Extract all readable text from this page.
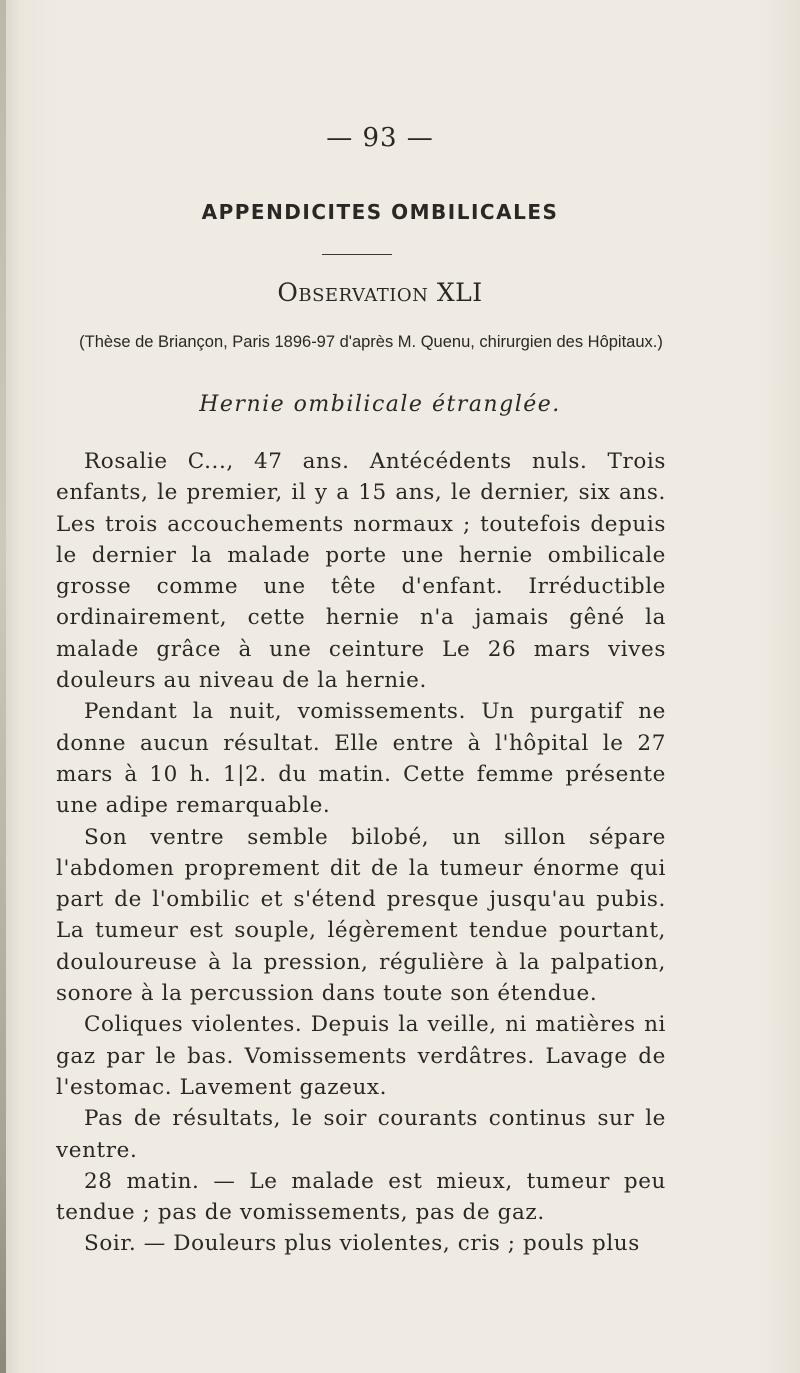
— 93 —
APPENDICITES OMBILICALES
Observation XLI
(Thèse de Briançon, Paris 1896-97 d'après M. Quenu, chirurgien des Hôpitaux.)
Hernie ombilicale étranglée.

Rosalie C..., 47 ans. Antécédents nuls. Trois enfants, le premier, il y a 15 ans, le dernier, six ans. Les trois accouchements normaux ; toutefois depuis le dernier la malade porte une hernie ombilicale grosse comme une tête d'enfant. Irréductible ordinairement, cette hernie n'a jamais gêné la malade grâce à une ceinture Le 26 mars vives douleurs au niveau de la hernie.

Pendant la nuit, vomissements. Un purgatif ne donne aucun résultat. Elle entre à l'hôpital le 27 mars à 10 h. 1|2. du matin. Cette femme présente une adipe remarquable.

Son ventre semble bilobé, un sillon sépare l'abdomen proprement dit de la tumeur énorme qui part de l'ombilic et s'étend presque jusqu'au pubis. La tumeur est souple, légèrement tendue pourtant, douloureuse à la pression, régulière à la palpation, sonore à la percussion dans toute son étendue.

Coliques violentes. Depuis la veille, ni matières ni gaz par le bas. Vomissements verdâtres. Lavage de l'estomac. Lavement gazeux.

Pas de résultats, le soir courants continus sur le ventre.

28 matin. — Le malade est mieux, tumeur peu tendue ; pas de vomissements, pas de gaz.

Soir. — Douleurs plus violentes, cris ; pouls plus
